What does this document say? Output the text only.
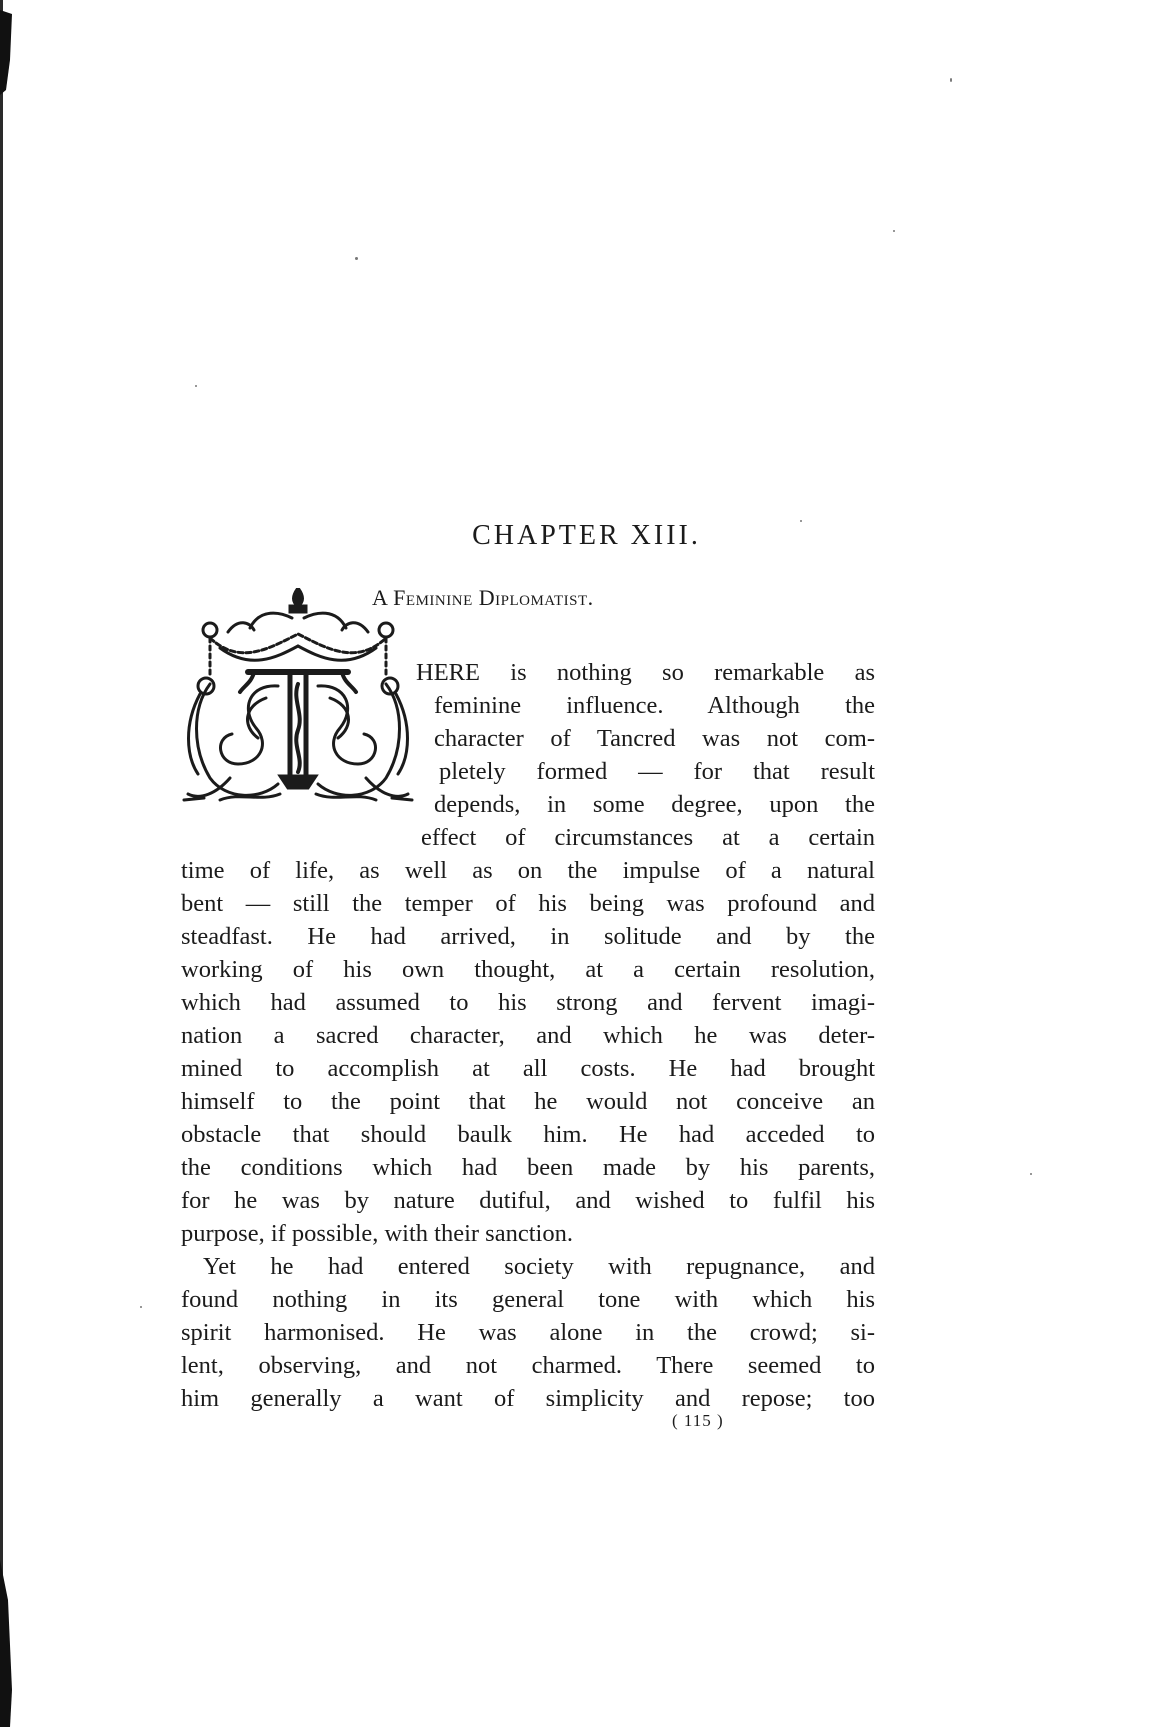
CHAPTER XIII.
A Feminine Diplomatist.

HERE is nothing so remarkable as

feminine influence. Although the

character of Tancred was not com-

pletely formed — for that result

depends, in some degree, upon the

effect of circumstances at a certain

time of life, as well as on the impulse of a natural

bent — still the temper of his being was profound and

steadfast. He had arrived, in solitude and by the

working of his own thought, at a certain resolution,

which had assumed to his strong and fervent imagi-

nation a sacred character, and which he was deter-

mined to accomplish at all costs. He had brought

himself to the point that he would not conceive an

obstacle that should baulk him. He had acceded to

the conditions which had been made by his parents,

for he was by nature dutiful, and wished to fulfil his

purpose, if possible, with their sanction.

Yet he had entered society with repugnance, and

found nothing in its general tone with which his

spirit harmonised. He was alone in the crowd; si-

lent, observing, and not charmed. There seemed to

him generally a want of simplicity and repose; too

( 115 )
